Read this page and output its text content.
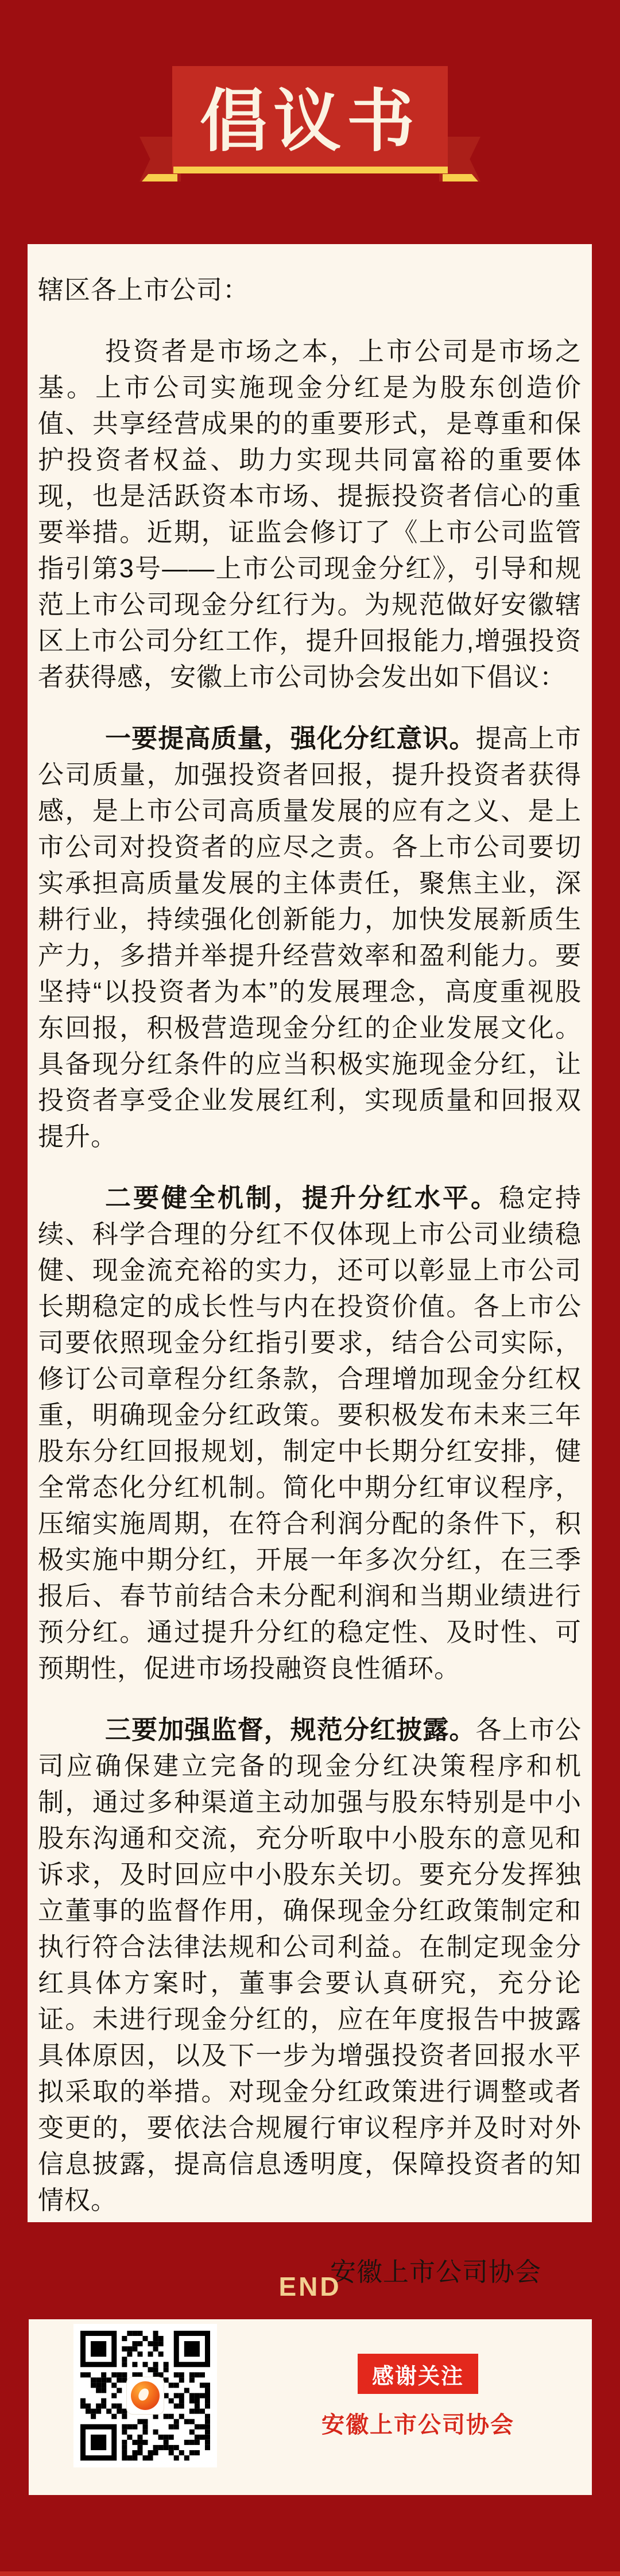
倡议书

辖区各上市公司：

投资者是市场之本，上市公司是市场之基。上市公司实施现金分红是为股东创造价值、共享经营成果的的重要形式，是尊重和保护投资者权益、助力实现共同富裕的重要体现，也是活跃资本市场、提振投资者信心的重要举措。近期，证监会修订了《上市公司监管指引第3号——上市公司现金分红》，引导和规范上市公司现金分红行为。为规范做好安徽辖区上市公司分红工作，提升回报能力,增强投资者获得感，安徽上市公司协会发出如下倡议：

一要提高质量，强化分红意识。提高上市公司质量，加强投资者回报，提升投资者获得感，是上市公司高质量发展的应有之义、是上市公司对投资者的应尽之责。各上市公司要切实承担高质量发展的主体责任，聚焦主业，深耕行业，持续强化创新能力，加快发展新质生产力，多措并举提升经营效率和盈利能力。要坚持“以投资者为本”的发展理念，高度重视股东回报，积极营造现金分红的企业发展文化。具备现分红条件的应当积极实施现金分红，让投资者享受企业发展红利，实现质量和回报双提升。

二要健全机制，提升分红水平。稳定持续、科学合理的分红不仅体现上市公司业绩稳健、现金流充裕的实力，还可以彰显上市公司长期稳定的成长性与内在投资价值。各上市公司要依照现金分红指引要求，结合公司实际，修订公司章程分红条款，合理增加现金分红权重，明确现金分红政策。要积极发布未来三年股东分红回报规划，制定中长期分红安排，健全常态化分红机制。简化中期分红审议程序，压缩实施周期，在符合利润分配的条件下，积极实施中期分红，开展一年多次分红，在三季报后、春节前结合未分配利润和当期业绩进行预分红。通过提升分红的稳定性、及时性、可预期性，促进市场投融资良性循环。

三要加强监督，规范分红披露。各上市公司应确保建立完备的现金分红决策程序和机制，通过多种渠道主动加强与股东特别是中小股东沟通和交流，充分听取中小股东的意见和诉求，及时回应中小股东关切。要充分发挥独立董事的监督作用，确保现金分红政策制定和执行符合法律法规和公司利益。在制定现金分红具体方案时，董事会要认真研究，充分论证。未进行现金分红的，应在年度报告中披露具体原因，以及下一步为增强投资者回报水平拟采取的举措。对现金分红政策进行调整或者变更的，要依法合规履行审议程序并及时对外信息披露，提高信息透明度，保障投资者的知情权。

安徽上市公司协会

END
感谢关注
安徽上市公司协会
